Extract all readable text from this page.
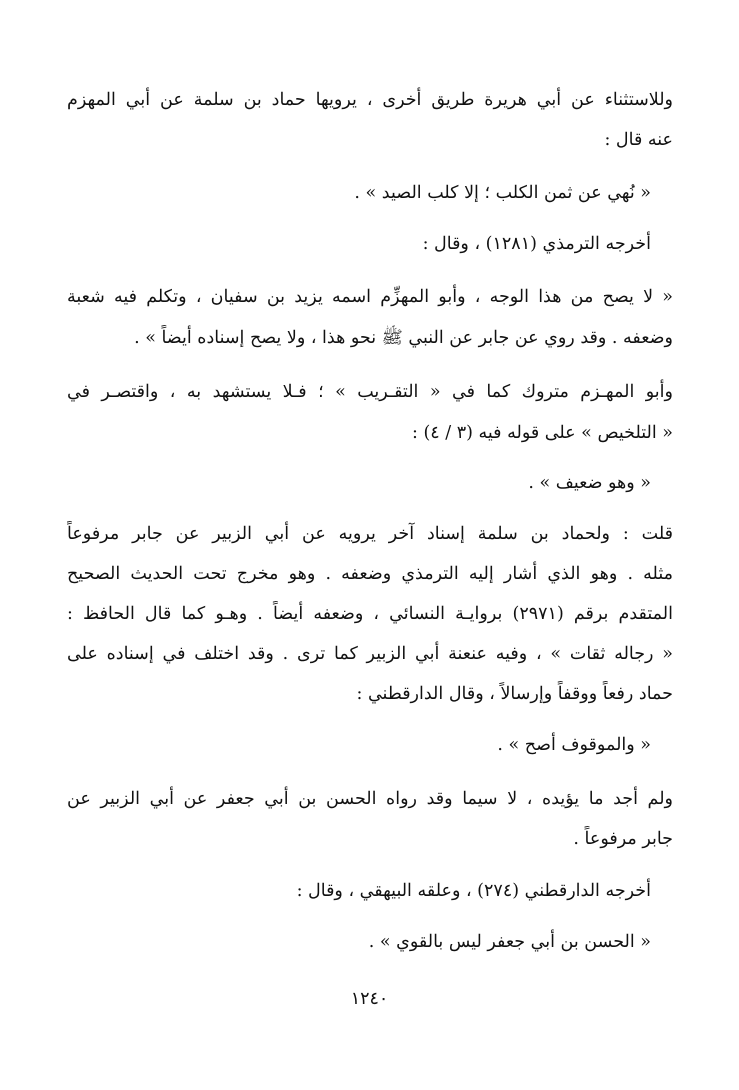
وللاستثناء عن أبي هريرة طريق أخرى ، يرويها حماد بن سلمة عن أبي المهزم
عنه قال :
« نُهي عن ثمن الكلب ؛ إلا كلب الصيد » .
أخرجه الترمذي (١٢٨١) ، وقال :
« لا يصح من هذا الوجه ، وأبو المهزِّم اسمه يزيد بن سفيان ، وتكلم فيه شعبة
وضعفه . وقد روي عن جابر عن النبي ﷺ نحو هذا ، ولا يصح إسناده أيضاً » .
وأبو المهـزم متروك كما في « التقـريب » ؛ فـلا يستشهد به ، واقتصـر في
« التلخيص » على قوله فيه (٣ / ٤) :
« وهو ضعيف » .
قلت : ولحماد بن سلمة إسناد آخر يرويه عن أبي الزبير عن جابر مرفوعاً
مثله . وهو الذي أشار إليه الترمذي وضعفه . وهو مخرج تحت الحديث الصحيح
المتقدم برقم (٢٩٧١) بروايـة النسائي ، وضعفه أيضاً . وهـو كما قال الحافظ :
« رجاله ثقات » ، وفيه عنعنة أبي الزبير كما ترى . وقد اختلف في إسناده على
حماد رفعاً ووقفاً وإرسالاً ، وقال الدارقطني :
« والموقوف أصح » .
ولم أجد ما يؤيده ، لا سيما وقد رواه الحسن بن أبي جعفر عن أبي الزبير عن
جابر مرفوعاً .
أخرجه الدارقطني (٢٧٤) ، وعلقه البيهقي ، وقال :
« الحسن بن أبي جعفر ليس بالقوي » .
١٢٤٠
